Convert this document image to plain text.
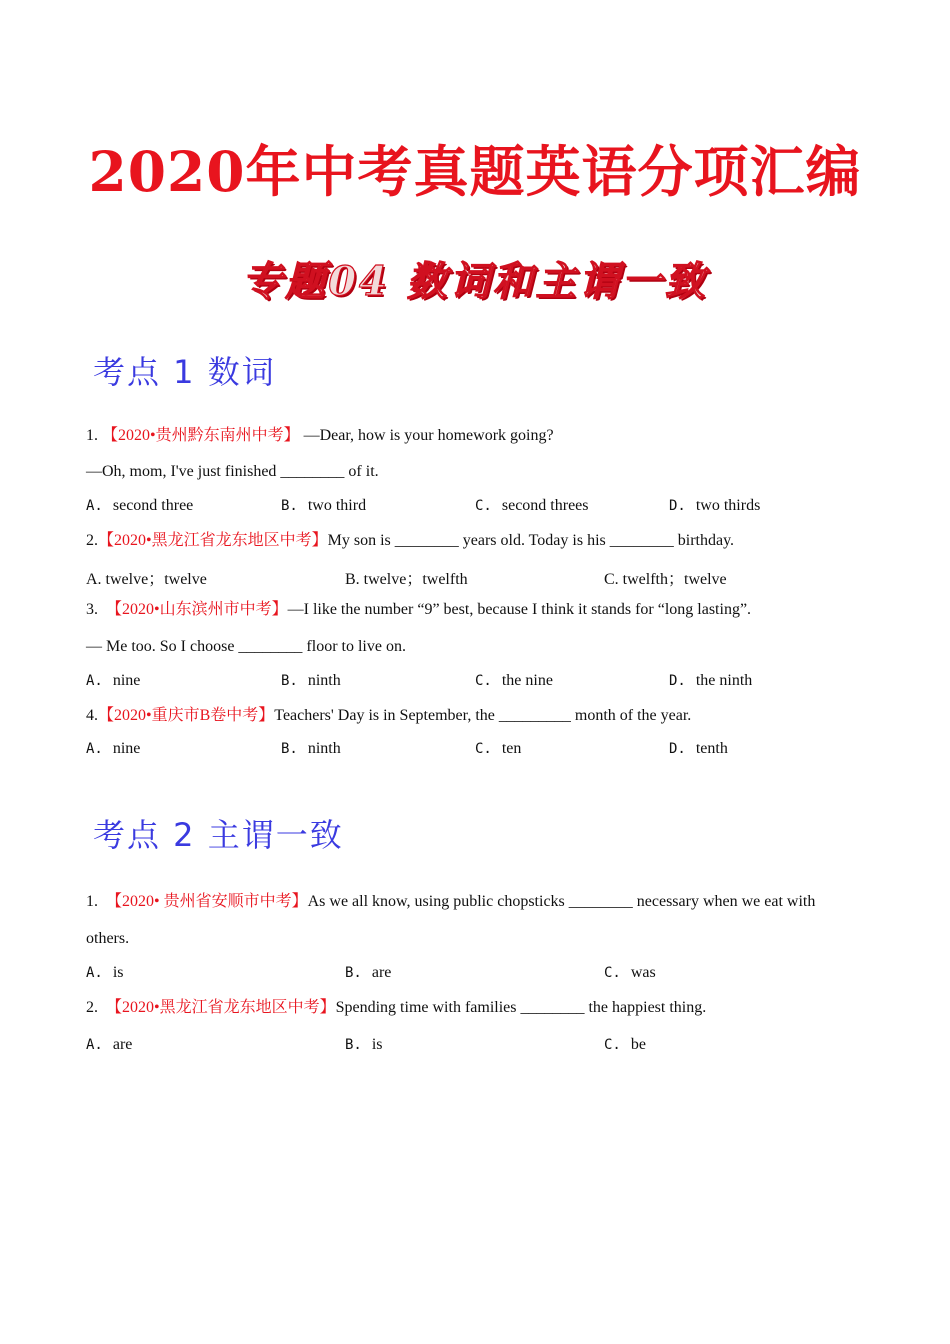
2020年中考真题英语分项汇编
专题04 数词和主谓一致
考点 1 数词
1. 【2020•贵州黔东南州中考】 —Dear, how is your homework going?
—Oh, mom, I've just finished ________ of it.
A. second three	B. two third	C. second threes	D. two thirds
2.【2020•黑龙江省龙东地区中考】My son is ________ years old. Today is his ________ birthday.
A. twelve；twelve	B. twelve；twelfth	C. twelfth；twelve
3. 【2020•山东滨州市中考】—I like the number “9” best, because I think it stands for “long lasting”.
— Me too. So I choose ________ floor to live on.
A. nine	B. ninth	C. the nine	D. the ninth
4.【2020•重庆市B卷中考】Teachers' Day is in September, the _________ month of the year.
A. nine	B. ninth	C. ten	D. tenth
考点 2 主谓一致
1. 【2020• 贵州省安顺市中考】As we all know, using public chopsticks ________ necessary when we eat with
others.
A. is	B. are	C. was
2. 【2020•黑龙江省龙东地区中考】Spending time with families ________ the happiest thing.
A. are	B. is	C. be
